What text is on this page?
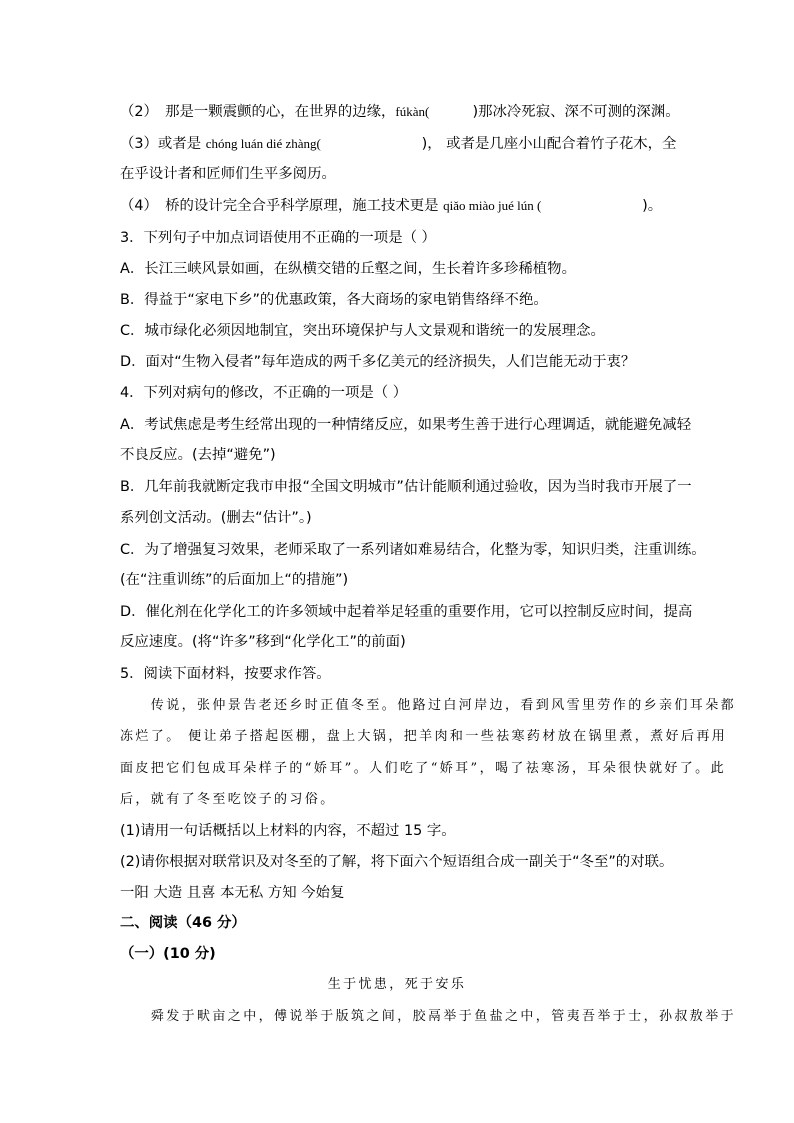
（2）　那是一颗震颤的心，在世界的边缘，fúkàn(　　　	)那冰冷死寂、深不可测的深渊。
（3）或者是 chóng luán dié zhàng(　　　　　　　	)， 或者是几座小山配合着竹子花木，全
在乎设计者和匠师们生平多阅历。
（4）　桥的设计完全合乎科学原理，施工技术更是 qiǎo miào jué lún (　　　　　　　	)。
3．下列句子中加点词语使用不正确的一项是（ ）
A．长江三峡风景如画，在纵横交错的丘壑之间，生长着许多珍稀植物。
B．得益于“家电下乡”的优惠政策，各大商场的家电销售络绎不绝。
C．城市绿化必须因地制宜，突出环境保护与人文景观和谐统一的发展理念。
D．面对“生物入侵者”每年造成的两千多亿美元的经济损失，人们岂能无动于衷？
4．下列对病句的修改，不正确的一项是（ ）
A．考试焦虑是考生经常出现的一种情绪反应，如果考生善于进行心理调适，就能避免减轻
不良反应。(去掉“避免”)
B．几年前我就断定我市申报“全国文明城市”估计能顺利通过验收，因为当时我市开展了一
系列创文活动。(删去“估计”。)
C．为了增强复习效果，老师采取了一系列诸如难易结合，化整为零，知识归类，注重训练。
(在“注重训练”的后面加上“的措施”)
D．催化剂在化学化工的许多领域中起着举足轻重的重要作用，它可以控制反应时间，提高
反应速度。(将“许多”移到“化学化工”的前面)
5．阅读下面材料，按要求作答。
　　传说，张仲景告老还乡时正值冬至。他路过白河岸边，看到风雪里劳作的乡亲们耳朵都
冻烂了。 便让弟子搭起医棚，盘上大锅，把羊肉和一些祛寒药材放在锅里煮，煮好后再用
面皮把它们包成耳朵样子的“娇耳”。人们吃了“娇耳”，喝了祛寒汤，耳朵很快就好了。此
后，就有了冬至吃饺子的习俗。
(1)请用一句话概括以上材料的内容，不超过 15 字。
(2)请你根据对联常识及对冬至的了解，将下面六个短语组合成一副关于“冬至”的对联。
一阳 大造 且喜 本无私 方知 今始复
二、阅读（46 分）
（一）(10 分)
生于忧患，死于安乐
　　舜发于畎亩之中，傅说举于版筑之间，胶鬲举于鱼盐之中，管夷吾举于士，孙叔敖举于
